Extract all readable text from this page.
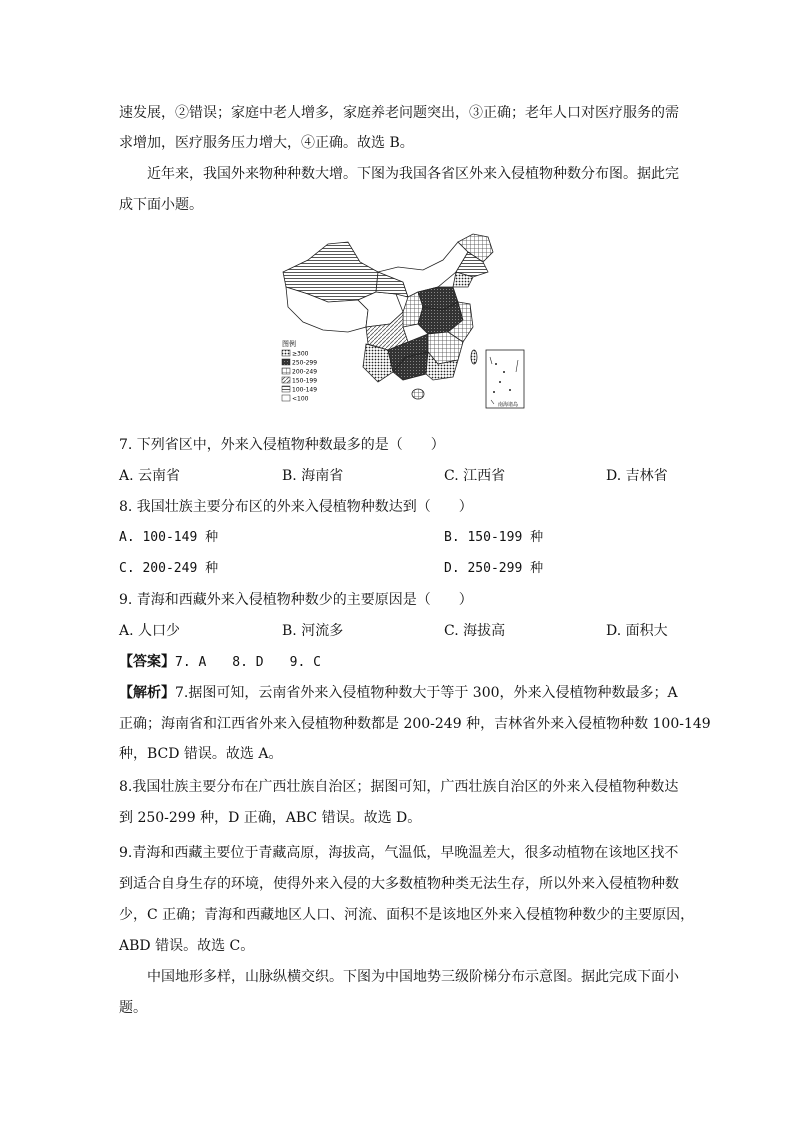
速发展，②错误；家庭中老人增多，家庭养老问题突出，③正确；老年人口对医疗服务的需
求增加，医疗服务压力增大，④正确。故选 B。
近年来，我国外来物种种数大增。下图为我国各省区外来入侵植物种数分布图。据此完
成下面小题。
图例
≥300
250-299
200-249
150-199
100-149
<100
南海诸岛
7. 下列省区中，外来入侵植物种数最多的是（　　）
A. 云南省	B. 海南省	C. 江西省	D. 吉林省
8. 我国壮族主要分布区的外来入侵植物种数达到（　　）
A. 100-149 种	B. 150-199 种
C. 200-249 种	D. 250-299 种
9. 青海和西藏外来入侵植物种数少的主要原因是（　　）
A. 人口少	B. 河流多	C. 海拔高	D. 面积大
【答案】7. A　　8. D　　9. C
【解析】7.据图可知，云南省外来入侵植物种数大于等于 300，外来入侵植物种数最多；A
正确；海南省和江西省外来入侵植物种数都是 200-249 种，吉林省外来入侵植物种数 100-149
种，BCD 错误。故选 A。
8.我国壮族主要分布在广西壮族自治区；据图可知，广西壮族自治区的外来入侵植物种数达
到 250-299 种，D 正确，ABC 错误。故选 D。
9.青海和西藏主要位于青藏高原，海拔高，气温低，早晚温差大，很多动植物在该地区找不
到适合自身生存的环境，使得外来入侵的大多数植物种类无法生存，所以外来入侵植物种数
少，C 正确；青海和西藏地区人口、河流、面积不是该地区外来入侵植物种数少的主要原因，
ABD 错误。故选 C。
中国地形多样，山脉纵横交织。下图为中国地势三级阶梯分布示意图。据此完成下面小
题。
